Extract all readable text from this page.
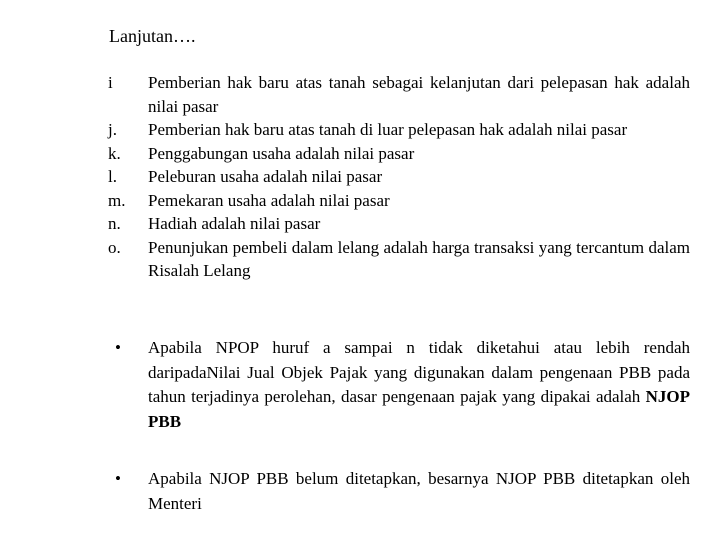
Lanjutan….

i	Pemberian hak baru atas tanah sebagai kelanjutan dari pelepasan hak adalah nilai pasar
j.	Pemberian hak baru atas tanah di luar pelepasan hak adalah nilai pasar
k.	Penggabungan usaha adalah nilai pasar
l.	Peleburan usaha adalah nilai pasar
m.	Pemekaran usaha adalah nilai pasar
n.	Hadiah adalah nilai pasar
o.	Penunjukan pembeli dalam lelang adalah harga transaksi yang tercantum dalam Risalah Lelang
•	Apabila NPOP huruf a sampai n tidak diketahui atau lebih rendah daripadaNilai Jual Objek Pajak yang digunakan dalam pengenaan PBB pada tahun terjadinya perolehan, dasar pengenaan pajak yang dipakai adalah NJOP PBB
•	Apabila NJOP PBB belum ditetapkan, besarnya NJOP PBB ditetapkan oleh Menteri
